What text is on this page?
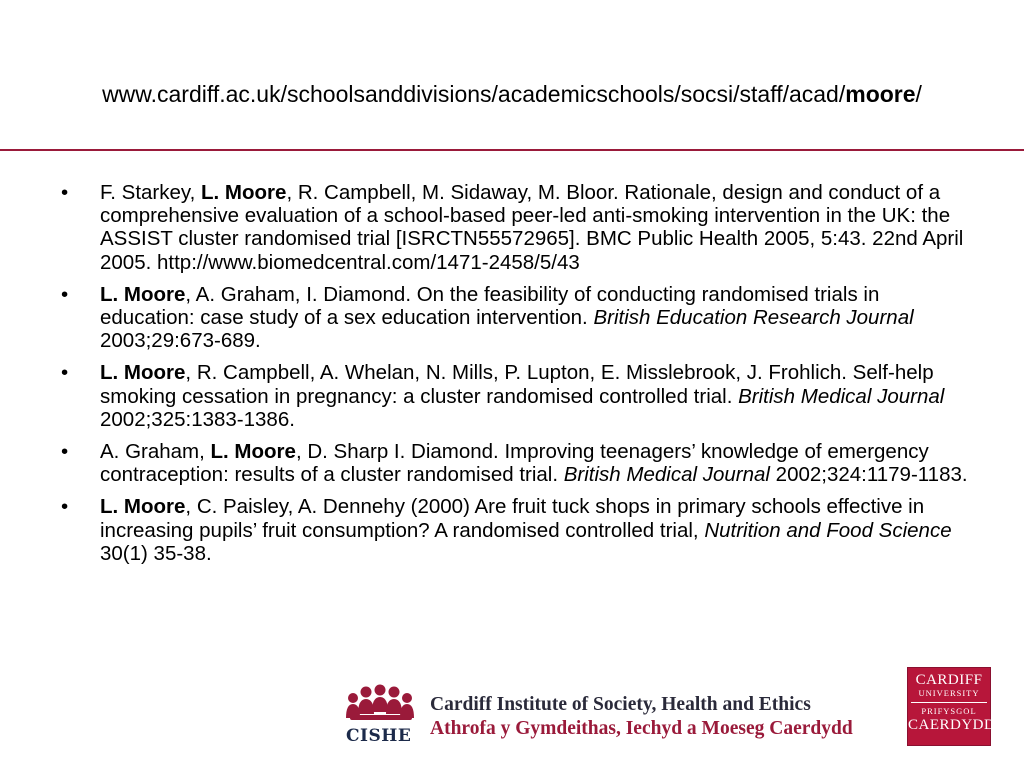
www.cardiff.ac.uk/schoolsanddivisions/academicschools/socsi/staff/acad/moore/
• F. Starkey, L. Moore, R. Campbell, M. Sidaway, M. Bloor. Rationale, design and conduct of a comprehensive evaluation of a school-based peer-led anti-smoking intervention in the UK: the ASSIST cluster randomised trial [ISRCTN55572965]. BMC Public Health 2005, 5:43. 22nd April 2005. http://www.biomedcentral.com/1471-2458/5/43
• L. Moore, A. Graham, I. Diamond. On the feasibility of conducting randomised trials in education: case study of a sex education intervention. British Education Research Journal 2003;29:673-689.
• L. Moore, R. Campbell, A. Whelan, N. Mills, P. Lupton, E. Misslebrook, J. Frohlich. Self-help smoking cessation in pregnancy: a cluster randomised controlled trial. British Medical Journal 2002;325:1383-1386.
• A. Graham, L. Moore, D. Sharp I. Diamond. Improving teenagers’ knowledge of emergency contraception: results of a cluster randomised trial. British Medical Journal 2002;324:1179-1183.
• L. Moore, C. Paisley, A. Dennehy (2000) Are fruit tuck shops in primary schools effective in increasing pupils’ fruit consumption? A randomised controlled trial, Nutrition and Food Science 30(1) 35-38.
CISHE
Cardiff Institute of Society, Health and Ethics
Athrofa y Gymdeithas, Iechyd a Moeseg Caerdydd
CARDIFF
UNIVERSITY
PRIFYSGOL
CAERDYDD
